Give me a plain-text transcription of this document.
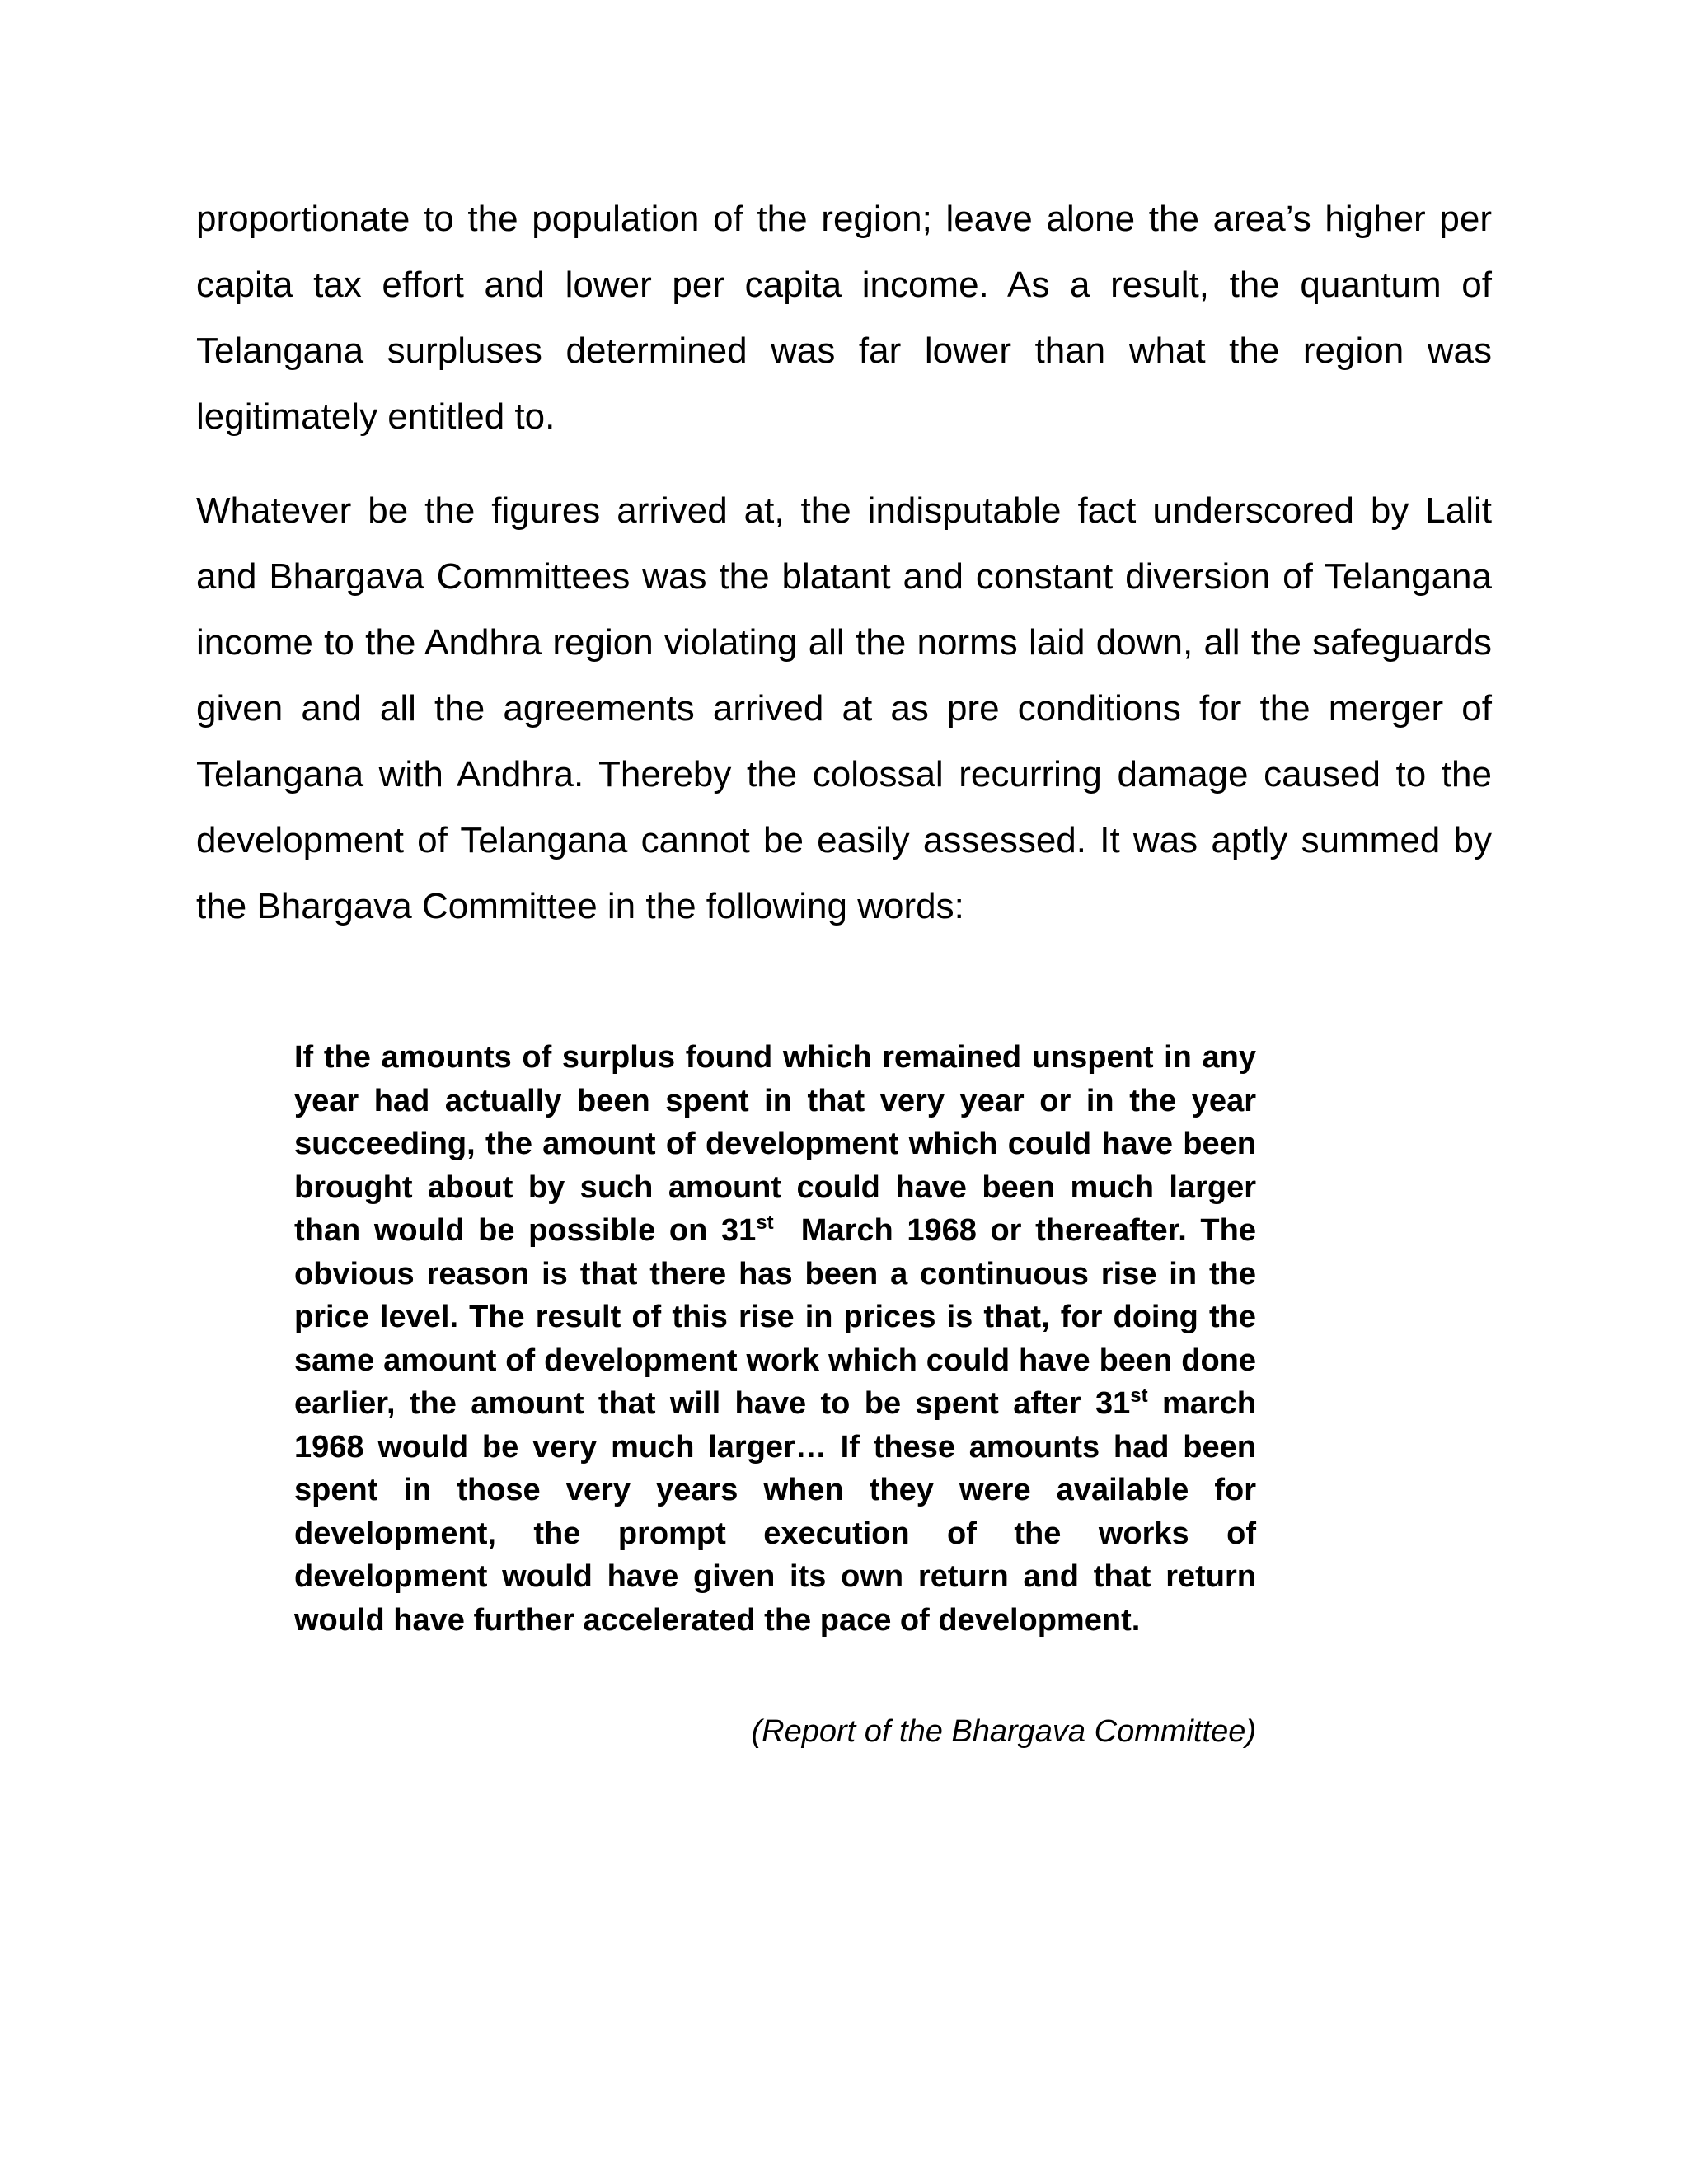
proportionate to the population of the region; leave alone the area’s higher per capita tax effort and lower per capita income. As a result, the quantum of Telangana surpluses determined was far lower than what the region was legitimately entitled to.

Whatever be the figures arrived at, the indisputable fact underscored by Lalit and Bhargava Committees was the blatant and constant diversion of Telangana income to the Andhra region violating all the norms laid down, all the safeguards given and all the agreements arrived at as pre conditions for the merger of Telangana with Andhra. Thereby the colossal recurring damage caused to the development of Telangana cannot be easily assessed. It was aptly summed by the Bhargava Committee in the following words:

If the amounts of surplus found which remained unspent in any year had actually been spent in that very year or in the year succeeding, the amount of development which could have been brought about by such amount could have been much larger than would be possible on 31st  March 1968 or thereafter. The obvious reason is that there has been a continuous rise in the price level. The result of this rise in prices is that, for doing the same amount of development work which could have been done earlier, the amount that will have to be spent after 31st march 1968 would be very much larger… If these amounts had been spent in those very years when they were available for development, the prompt execution of the works of development would have given its own return and that return would have further accelerated the pace of development.

(Report of the Bhargava Committee)
